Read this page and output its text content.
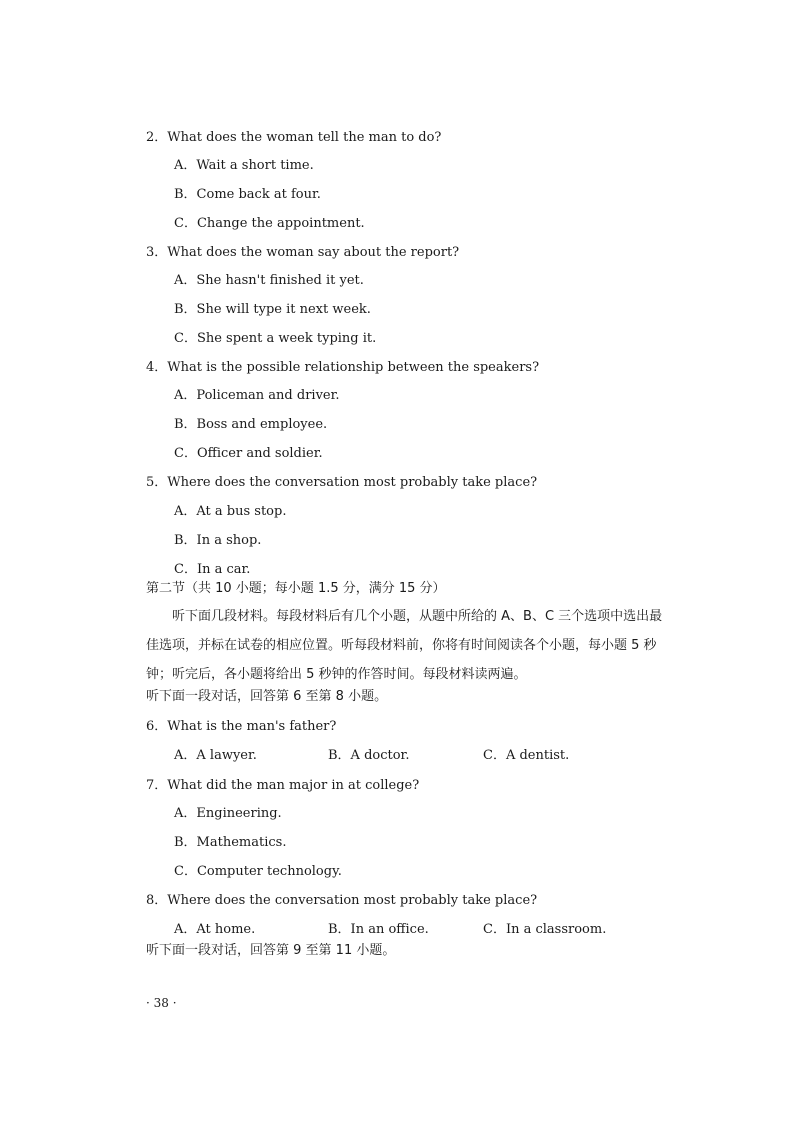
2．What does the woman tell the man to do?
A．Wait a short time.
B．Come back at four.
C．Change the appointment.
3．What does the woman say about the report?
A．She hasn't finished it yet.
B．She will type it next week.
C．She spent a week typing it.
4．What is the possible relationship between the speakers?
A．Policeman and driver.
B．Boss and employee.
C．Officer and soldier.
5．Where does the conversation most probably take place?
A．At a bus stop.
B．In a shop.
C．In a car.
第二节（共 10 小题；每小题 1.5 分，满分 15 分）
听下面几段材料。每段材料后有几个小题，从题中所给的 A、B、C 三个选项中选出最佳选项，并标在试卷的相应位置。听每段材料前，你将有时间阅读各个小题，每小题 5 秒钟；听完后，各小题将给出 5 秒钟的作答时间。每段材料读两遍。
听下面一段对话，回答第 6 至第 8 小题。
6．What is the man's father?
A．A lawyer.	B．A doctor.	C．A dentist.
7．What did the man major in at college?
A．Engineering.
B．Mathematics.
C．Computer technology.
8．Where does the conversation most probably take place?
A．At home.	B．In an office.	C．In a classroom.
听下面一段对话，回答第 9 至第 11 小题。
· 38 ·
